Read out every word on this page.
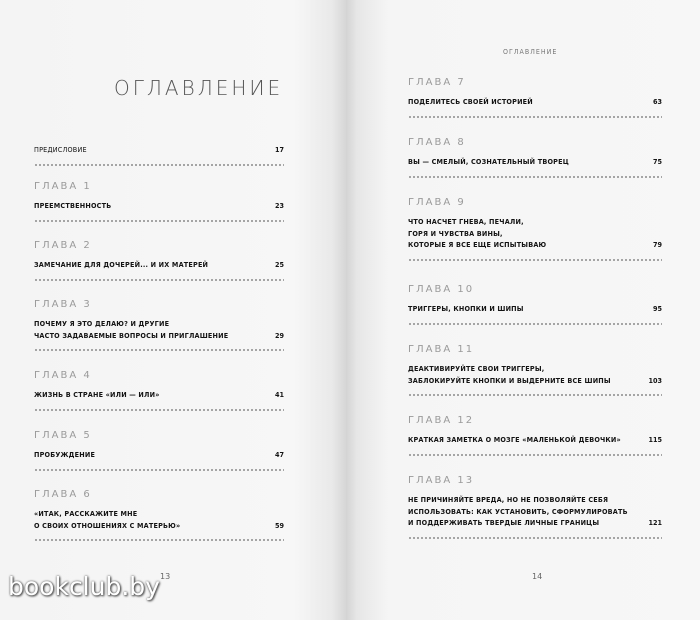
ОГЛАВЛЕНИЕ
ПРЕДИСЛОВИЕ	17
ГЛАВА 1
ПРЕЕМСТВЕННОСТЬ	23
ГЛАВА 2
ЗАМЕЧАНИЕ ДЛЯ ДОЧЕРЕЙ... И ИХ МАТЕРЕЙ	25
ГЛАВА 3
ПОЧЕМУ Я ЭТО ДЕЛАЮ? И ДРУГИЕ
ЧАСТО ЗАДАВАЕМЫЕ ВОПРОСЫ И ПРИГЛАШЕНИЕ	29
ГЛАВА 4
ЖИЗНЬ В СТРАНЕ «ИЛИ — ИЛИ»	41
ГЛАВА 5
ПРОБУЖДЕНИЕ	47
ГЛАВА 6
«ИТАК, РАССКАЖИТЕ МНЕ
О СВОИХ ОТНОШЕНИЯХ С МАТЕРЬЮ»	59
13
ОГЛАВЛЕНИЕ
ГЛАВА 7
ПОДЕЛИТЕСЬ СВОЕЙ ИСТОРИЕЙ	63
ГЛАВА 8
ВЫ — СМЕЛЫЙ, СОЗНАТЕЛЬНЫЙ ТВОРЕЦ	75
ГЛАВА 9
ЧТО НАСЧЕТ ГНЕВА, ПЕЧАЛИ,
ГОРЯ И ЧУВСТВА ВИНЫ,
КОТОРЫЕ Я ВСЕ ЕЩЕ ИСПЫТЫВАЮ	79
ГЛАВА 10
ТРИГГЕРЫ, КНОПКИ И ШИПЫ	95
ГЛАВА 11
ДЕАКТИВИРУЙТЕ СВОИ ТРИГГЕРЫ,
ЗАБЛОКИРУЙТЕ КНОПКИ И ВЫДЕРНИТЕ ВСЕ ШИПЫ	103
ГЛАВА 12
КРАТКАЯ ЗАМЕТКА О МОЗГЕ «МАЛЕНЬКОЙ ДЕВОЧКИ»	115
ГЛАВА 13
НЕ ПРИЧИНЯЙТЕ ВРЕДА, НО НЕ ПОЗВОЛЯЙТЕ СЕБЯ
ИСПОЛЬЗОВАТЬ: КАК УСТАНОВИТЬ, СФОРМУЛИРОВАТЬ
И ПОДДЕРЖИВАТЬ ТВЕРДЫЕ ЛИЧНЫЕ ГРАНИЦЫ	121
14
bookclub.by
